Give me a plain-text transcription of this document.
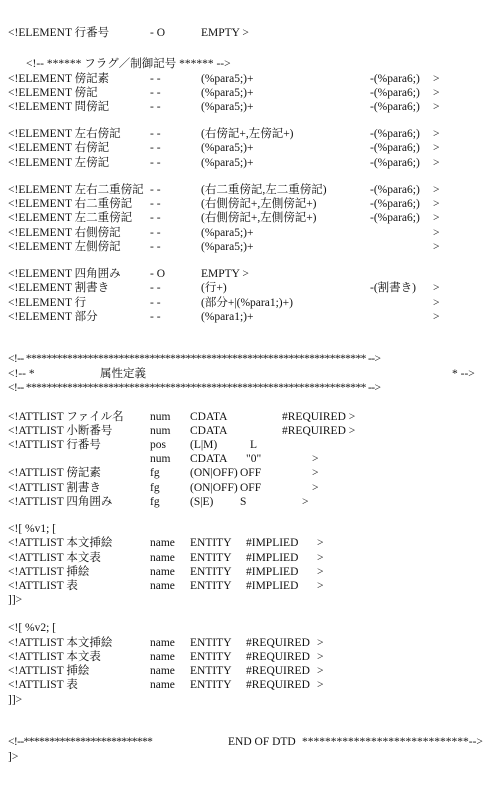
<!ELEMENT 行番号	- O	EMPTY >
<!-- ****** フラグ／制御記号 ****** -->
<!ELEMENT 傍記素	- -	(%para5;)+	-(%para6;) >
<!ELEMENT 傍記	- -	(%para5;)+	-(%para6;) >
<!ELEMENT 問傍記	- -	(%para5;)+	-(%para6;) >
<!ELEMENT 左右傍記	- -	(右傍記+,左傍記+)	-(%para6;) >
<!ELEMENT 右傍記	- -	(%para5;)+	-(%para6;) >
<!ELEMENT 左傍記	- -	(%para5;)+	-(%para6;) >
<!ELEMENT 左右二重傍記 - -	(右二重傍記,左二重傍記)	-(%para6;) >
<!ELEMENT 右二重傍記 - -	(右側傍記+,左側傍記+)	-(%para6;) >
<!ELEMENT 左二重傍記 - -	(右側傍記+,左側傍記+)	-(%para6;) >
<!ELEMENT 右側傍記	- -	(%para5;)+	>
<!ELEMENT 左側傍記	- -	(%para5;)+	>
<!ELEMENT 四角囲み	- O	EMPTY >
<!ELEMENT 割書き	- -	(行+)	-(割書き) >
<!ELEMENT 行	- -	(部分+|(%para1;)+)	>
<!ELEMENT 部分	- -	(%para1;)+	>
<!-- ****************************************************************** -->
<!-- *	属性定義	* -->
<!-- ****************************************************************** -->
<!ATTLIST ファイル名 num CDATA	#REQUIRED >
<!ATTLIST 小断番号	num CDATA	#REQUIRED >
<!ATTLIST 行番号	pos (L|M)	L
num CDATA "0"	>
<!ATTLIST 傍記素	fg	(ON|OFF) OFF	>
<!ATTLIST 割書き	fg	(ON|OFF) OFF	>
<!ATTLIST 四角囲み	fg	(S|E) S	>
<![ %v1; [
<!ATTLIST 本文挿絵	name ENTITY #IMPLIED >
<!ATTLIST 本文表	name ENTITY #IMPLIED >
<!ATTLIST 挿絵	name ENTITY #IMPLIED >
<!ATTLIST 表	name ENTITY #IMPLIED >
]]>
<![ %v2; [
<!ATTLIST 本文挿絵	name ENTITY #REQUIRED >
<!ATTLIST 本文表	name ENTITY #REQUIRED >
<!ATTLIST 挿絵	name ENTITY #REQUIRED >
<!ATTLIST 表	name ENTITY #REQUIRED >
]]>
<!--*************************	END OF DTD *****************************-->
]>
